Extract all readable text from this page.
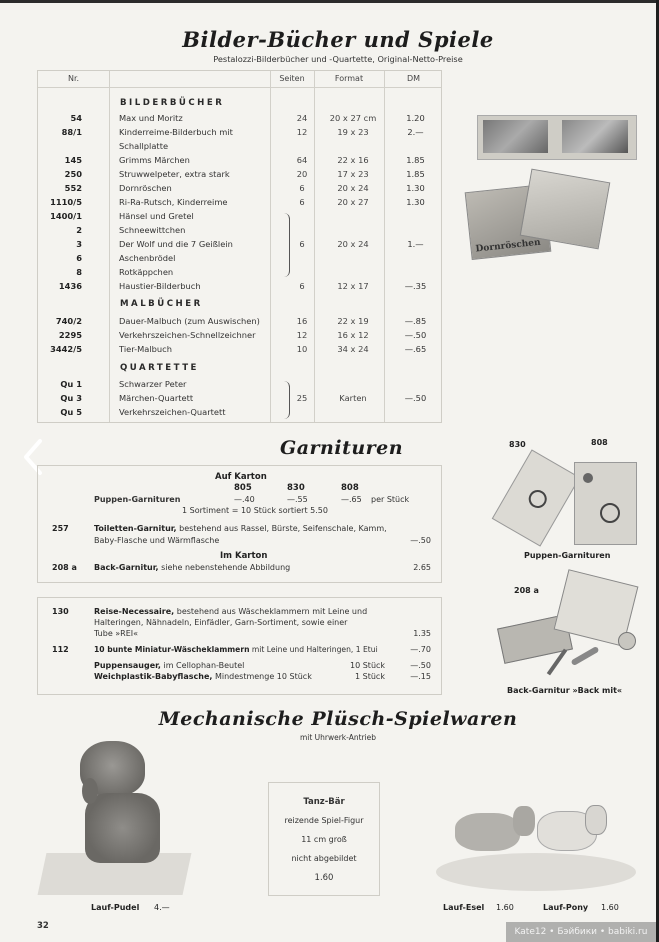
Bilder-Bücher und Spiele
Pestalozzi-Bilderbücher und -Quartette, Original-Netto-Preise
Nr.	Seiten	Format	DM
BILDERBÜCHER
54	Max und Moritz	24	20 x 27 cm	1.20
88/1	Kinderreime-Bilderbuch mit	12	19 x 23	2.—
Schallplatte
145	Grimms Märchen	64	22 x 16	1.85
250	Struwwelpeter, extra stark	20	17 x 23	1.85
552	Dornröschen	6	20 x 24	1.30
1110/5	Ri-Ra-Rutsch, Kinderreime	6	20 x 27	1.30
1400/1	Hänsel und Gretel
2	Schneewittchen
3	Der Wolf und die 7 Geißlein	6	20 x 24	1.—
6	Aschenbrödel
8	Rotkäppchen
1436	Haustier-Bilderbuch	6	12 x 17	—.35
MALBÜCHER
740/2	Dauer-Malbuch (zum Auswischen)	16	22 x 19	—.85
2295	Verkehrszeichen-Schnellzeichner	12	16 x 12	—.50
3442/5	Tier-Malbuch	10	34 x 24	—.65
QUARTETTE
Qu 1	Schwarzer Peter
Qu 3	Märchen-Quartett	25	Karten	—.50
Qu 5	Verkehrszeichen-Quartett
Dornröschen
Garnituren
Auf Karton
805	830	808
Puppen-Garnituren	—.40	—.55	—.65 per Stück
1 Sortiment = 10 Stück sortiert 5.50
257	Toiletten-Garnitur, bestehend aus Rassel, Bürste, Seifenschale, Kamm,
Baby-Flasche und Wärmflasche	—.50
Im Karton
208 a Back-Garnitur, siehe nebenstehende Abbildung	2.65
130	Reise-Necessaire, bestehend aus Wäscheklammern mit Leine und
Halteringen, Nähnadeln, Einfädler, Garn-Sortiment, sowie einer
Tube »REI«	1.35
112	10 bunte Miniatur-Wäscheklammern mit Leine und Halteringen, 1 Etui	—.70
Puppensauger, im Cellophan-Beutel	10 Stück	—.50
Weichplastik-Babyflasche, Mindestmenge 10 Stück	1 Stück	—.15
830	808
Puppen-Garnituren
208 a
Back-Garnitur »Back mit«
Mechanische Plüsch-Spielwaren
mit Uhrwerk-Antrieb
Lauf-Pudel 4.—
Tanz-Bär
reizende Spiel-Figur
11 cm groß
nicht abgebildet
1.60
Lauf-Esel 1.60	Lauf-Pony 1.60
32
Kate12 • Бэйбики • babiki.ru
